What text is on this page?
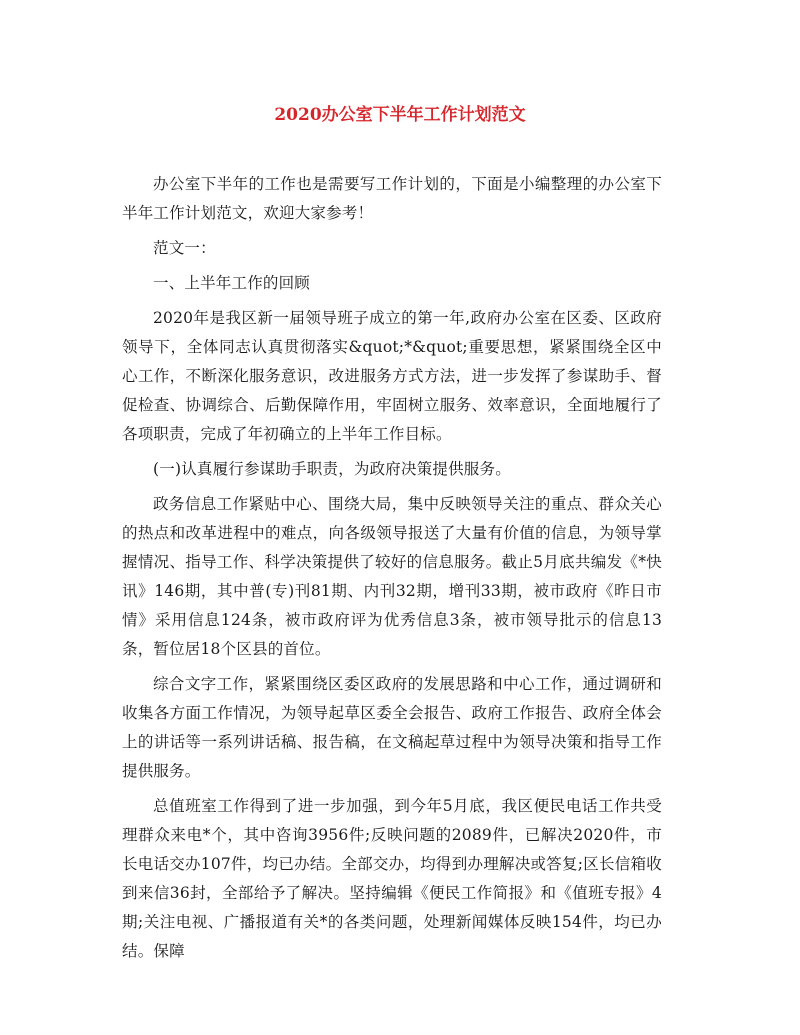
2020办公室下半年工作计划范文

办公室下半年的工作也是需要写工作计划的，下面是小编整理的办公室下半年工作计划范文，欢迎大家参考！

范文一：

一、上半年工作的回顾

2020年是我区新一届领导班子成立的第一年,政府办公室在区委、区政府领导下，全体同志认真贯彻落实&quot;*&quot;重要思想，紧紧围绕全区中心工作，不断深化服务意识，改进服务方式方法，进一步发挥了参谋助手、督促检查、协调综合、后勤保障作用，牢固树立服务、效率意识，全面地履行了各项职责，完成了年初确立的上半年工作目标。

(一)认真履行参谋助手职责，为政府决策提供服务。

政务信息工作紧贴中心、围绕大局，集中反映领导关注的重点、群众关心的热点和改革进程中的难点，向各级领导报送了大量有价值的信息，为领导掌握情况、指导工作、科学决策提供了较好的信息服务。截止5月底共编发《*快讯》146期，其中普(专)刊81期、内刊32期，增刊33期，被市政府《昨日市情》采用信息124条，被市政府评为优秀信息3条，被市领导批示的信息13条，暂位居18个区县的首位。

综合文字工作，紧紧围绕区委区政府的发展思路和中心工作，通过调研和收集各方面工作情况，为领导起草区委全会报告、政府工作报告、政府全体会上的讲话等一系列讲话稿、报告稿，在文稿起草过程中为领导决策和指导工作提供服务。

总值班室工作得到了进一步加强，到今年5月底，我区便民电话工作共受理群众来电*个，其中咨询3956件;反映问题的2089件，已解决2020件，市长电话交办107件，均已办结。全部交办，均得到办理解决或答复;区长信箱收到来信36封，全部给予了解决。坚持编辑《便民工作简报》和《值班专报》4 期;关注电视、广播报道有关*的各类问题，处理新闻媒体反映154件，均已办结。保障
